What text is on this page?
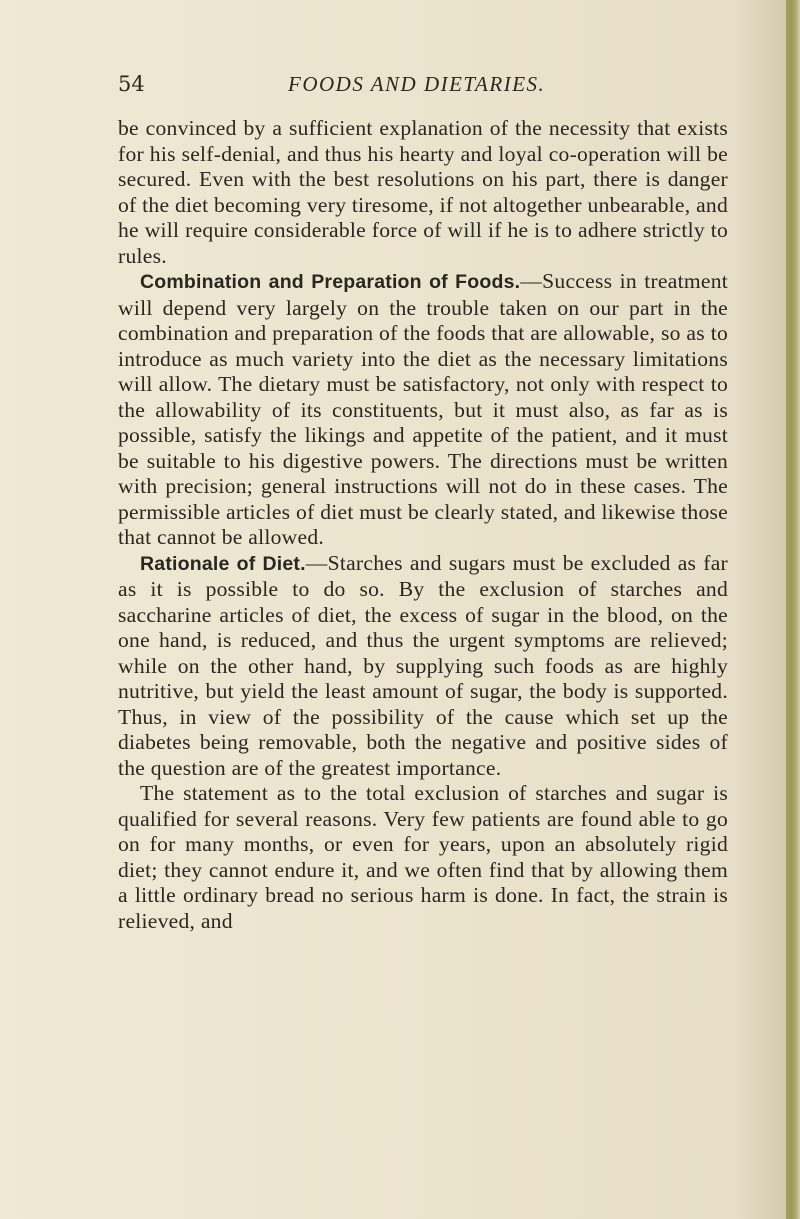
54	FOODS AND DIETARIES.

be convinced by a sufficient explanation of the necessity that exists for his self-denial, and thus his hearty and loyal co-operation will be secured. Even with the best resolutions on his part, there is danger of the diet becoming very tiresome, if not altogether unbearable, and he will require considerable force of will if he is to adhere strictly to rules.

Combination and Preparation of Foods.—Success in treatment will depend very largely on the trouble taken on our part in the combination and preparation of the foods that are allowable, so as to introduce as much variety into the diet as the necessary limitations will allow. The dietary must be satisfactory, not only with respect to the allowability of its constituents, but it must also, as far as is possible, satisfy the likings and appetite of the patient, and it must be suitable to his digestive powers. The directions must be written with precision; general instructions will not do in these cases. The permissible articles of diet must be clearly stated, and likewise those that cannot be allowed.

Rationale of Diet.—Starches and sugars must be excluded as far as it is possible to do so. By the exclusion of starches and saccharine articles of diet, the excess of sugar in the blood, on the one hand, is reduced, and thus the urgent symptoms are relieved; while on the other hand, by supplying such foods as are highly nutritive, but yield the least amount of sugar, the body is supported. Thus, in view of the possibility of the cause which set up the diabetes being removable, both the negative and positive sides of the question are of the greatest importance.

The statement as to the total exclusion of starches and sugar is qualified for several reasons. Very few patients are found able to go on for many months, or even for years, upon an absolutely rigid diet; they cannot endure it, and we often find that by allowing them a little ordinary bread no serious harm is done. In fact, the strain is relieved, and
